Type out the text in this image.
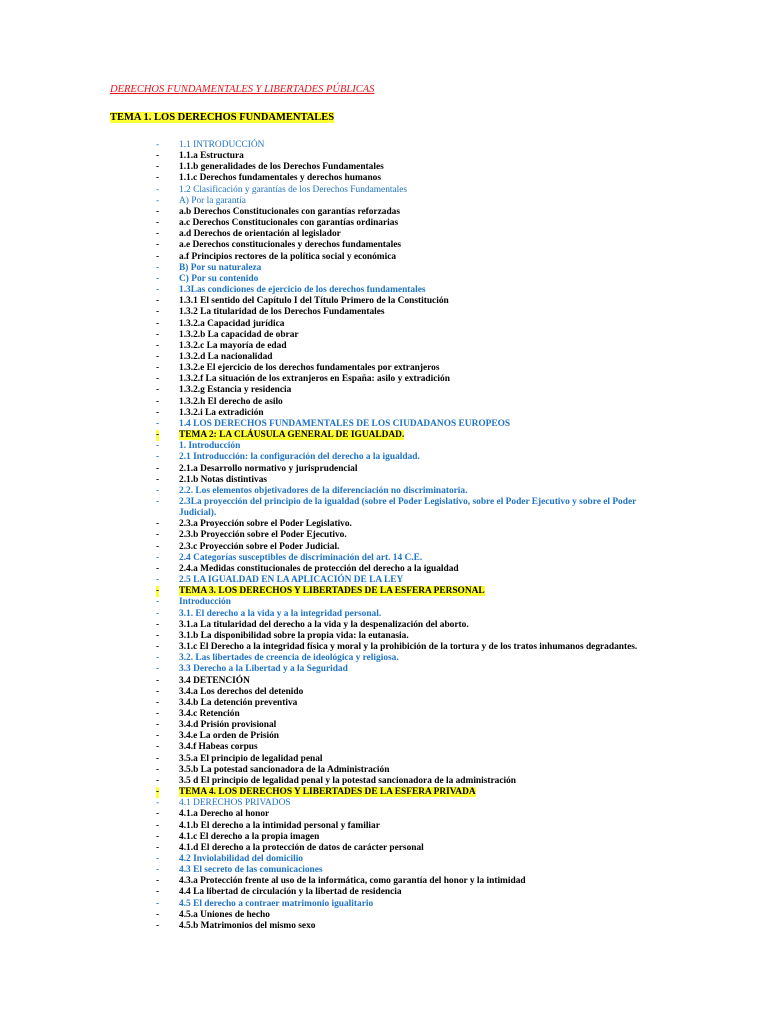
DERECHOS FUNDAMENTALES Y LIBERTADES PÚBLICAS
TEMA 1. LOS DERECHOS FUNDAMENTALES
- 1.1 INTRODUCCIÓN
- 1.1.a Estructura
- 1.1.b generalidades de los Derechos Fundamentales
- 1.1.c Derechos fundamentales y derechos humanos
- 1.2 Clasificación y garantías de los Derechos Fundamentales
- A) Por la garantía
- a.b Derechos Constitucionales con garantías reforzadas
- a.c Derechos Constitucionales con garantías ordinarias
- a.d Derechos de orientación al legislador
- a.e Derechos constitucionales y derechos fundamentales
- a.f Principios rectores de la política social y económica
- B) Por su naturaleza
- C) Por su contenido
- 1.3Las condiciones de ejercicio de los derechos fundamentales
- 1.3.1 El sentido del Capítulo I del Título Primero de la Constitución
- 1.3.2 La titularidad de los Derechos Fundamentales
- 1.3.2.a Capacidad jurídica
- 1.3.2.b La capacidad de obrar
- 1.3.2.c La mayoría de edad
- 1.3.2.d La nacionalidad
- 1.3.2.e El ejercicio de los derechos fundamentales por extranjeros
- 1.3.2.f La situación de los extranjeros en España: asilo y extradición
- 1.3.2.g Estancia y residencia
- 1.3.2.h El derecho de asilo
- 1.3.2.i La extradición
- 1.4 LOS DERECHOS FUNDAMENTALES DE LOS CIUDADANOS EUROPEOS
- TEMA 2: LA CLÁUSULA GENERAL DE IGUALDAD.
- 1. Introducción
- 2.1 Introducción: la configuración del derecho a la igualdad.
- 2.1.a Desarrollo normativo y jurisprudencial
- 2.1.b Notas distintivas
- 2.2. Los elementos objetivadores de la diferenciación no discriminatoria.
- 2.3La proyección del principio de la igualdad (sobre el Poder Legislativo, sobre el Poder Ejecutivo y sobre el Poder Judicial).
- 2.3.a Proyección sobre el Poder Legislativo.
- 2.3.b Proyección sobre el Poder Ejecutivo.
- 2.3.c Proyección sobre el Poder Judicial.
- 2.4 Categorías susceptibles de discriminación del art. 14 C.E.
- 2.4.a Medidas constitucionales de protección del derecho a la igualdad
- 2.5 LA IGUALDAD EN LA APLICACIÓN DE LA LEY
- TEMA 3. LOS DERECHOS Y LIBERTADES DE LA ESFERA PERSONAL
- Introducción
- 3.1. El derecho a la vida y a la integridad personal.
- 3.1.a La titularidad del derecho a la vida y la despenalización del aborto.
- 3.1.b La disponibilidad sobre la propia vida: la eutanasia.
- 3.1.c El Derecho a la integridad física y moral y la prohibición de la tortura y de los tratos inhumanos degradantes.
- 3.2. Las libertades de creencia de ideológica y religiosa.
- 3.3 Derecho a la Libertad y a la Seguridad
- 3.4 DETENCIÓN
- 3.4.a Los derechos del detenido
- 3.4.b La detención preventiva
- 3.4.c Retención
- 3.4.d Prisión provisional
- 3.4.e La orden de Prisión
- 3.4.f Habeas corpus
- 3.5.a El principio de legalidad penal
- 3.5.b La potestad sancionadora de la Administración
- 3.5 d El principio de legalidad penal y la potestad sancionadora de la administración
- TEMA 4. LOS DERECHOS Y LIBERTADES DE LA ESFERA PRIVADA
- 4.1 DERECHOS PRIVADOS
- 4.1.a Derecho al honor
- 4.1.b El derecho a la intimidad personal y familiar
- 4.1.c El derecho a la propia imagen
- 4.1.d El derecho a la protección de datos de carácter personal
- 4.2 Inviolabilidad del domicilio
- 4.3 El secreto de las comunicaciones
- 4.3.a Protección frente al uso de la informática, como garantía del honor y la intimidad
- 4.4 La libertad de circulación y la libertad de residencia
- 4.5 El derecho a contraer matrimonio igualitario
- 4.5.a Uniones de hecho
- 4.5.b Matrimonios del mismo sexo
